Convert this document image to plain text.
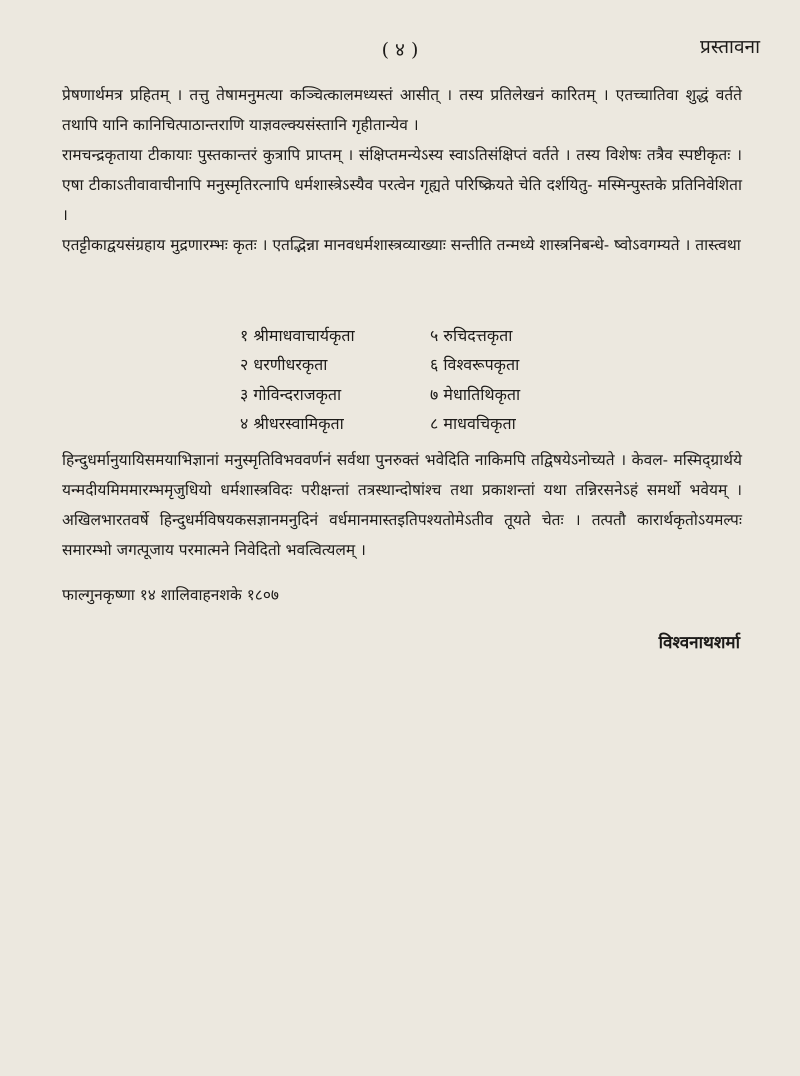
( ४ )	प्रस्तावना
प्रेषणार्थमत्र प्रहितम् । तत्तु तेषामनुमत्या कञ्चित्कालमध्यस्तं आसीत् । तस्य प्रतिलेखनं कारितम् । एतच्चातिवा शुद्धं वर्तते तथापि यानि कानिचित्पाठान्तराणि याज्ञवल्क्यसंस्तानि गृहीतान्येव ।
रामचन्द्रकृताया टीकायाः पुस्तकान्तरं कुत्रापि प्राप्तम् । संक्षिप्तमन्येऽस्य स्वाऽतिसंक्षिप्तं वर्तते । तस्य विशेषः तत्रैव स्पष्टीकृतः । एषा टीकाऽतीवावाचीनापि मनुस्मृतिरत्नापि धर्मशास्त्रेऽस्यैव परत्वेन गृह्यते परिष्क्रियते चेति दर्शयितु- मस्मिन्पुस्तके प्रतिनिवेशिता ।
एतट्टीकाद्वयसंग्रहाय मुद्रणारम्भः कृतः । एतद्भिन्ना मानवधर्मशास्त्रव्याख्याः सन्तीति तन्मध्ये शास्त्रनिबन्धे- ष्वोऽवगम्यते । तास्त्वथा
१ श्रीमाधवाचार्यकृता	५ रुचिदत्तकृता
२ धरणीधरकृता	६ विश्वरूपकृता
३ गोविन्दराजकृता	७ मेधातिथिकृता
४ श्रीधरस्वामिकृता	८ माधवचिकृता
हिन्दुधर्मानुयायिसमयाभिज्ञानां मनुस्मृतिविभववर्णनं सर्वथा पुनरुक्तं भवेदिति नाकिमपि तद्विषयेऽनोच्यते । केवल- मस्मिद्ग्रार्थये यन्मदीयमिममारम्भमृजुधियो धर्मशास्त्रविदः परीक्षन्तां तत्रस्थान्दोषांश्च तथा प्रकाशन्तां यथा तन्निरसनेऽहं समर्थो भवेयम् । अखिलभारतवर्षे हिन्दुधर्मविषयकसज्ञानमनुदिनं वर्धमानमास्तइतिपश्यतोमेऽतीव तूयते चेतः । तत्पतौ कारार्थकृतोऽयमल्पः समारम्भो जगत्पूजाय परमात्मने निवेदितो भवत्वित्यलम् ।
फाल्गुनकृष्णा १४ शालिवाहनशके १८०७
विश्वनाथशर्मा
